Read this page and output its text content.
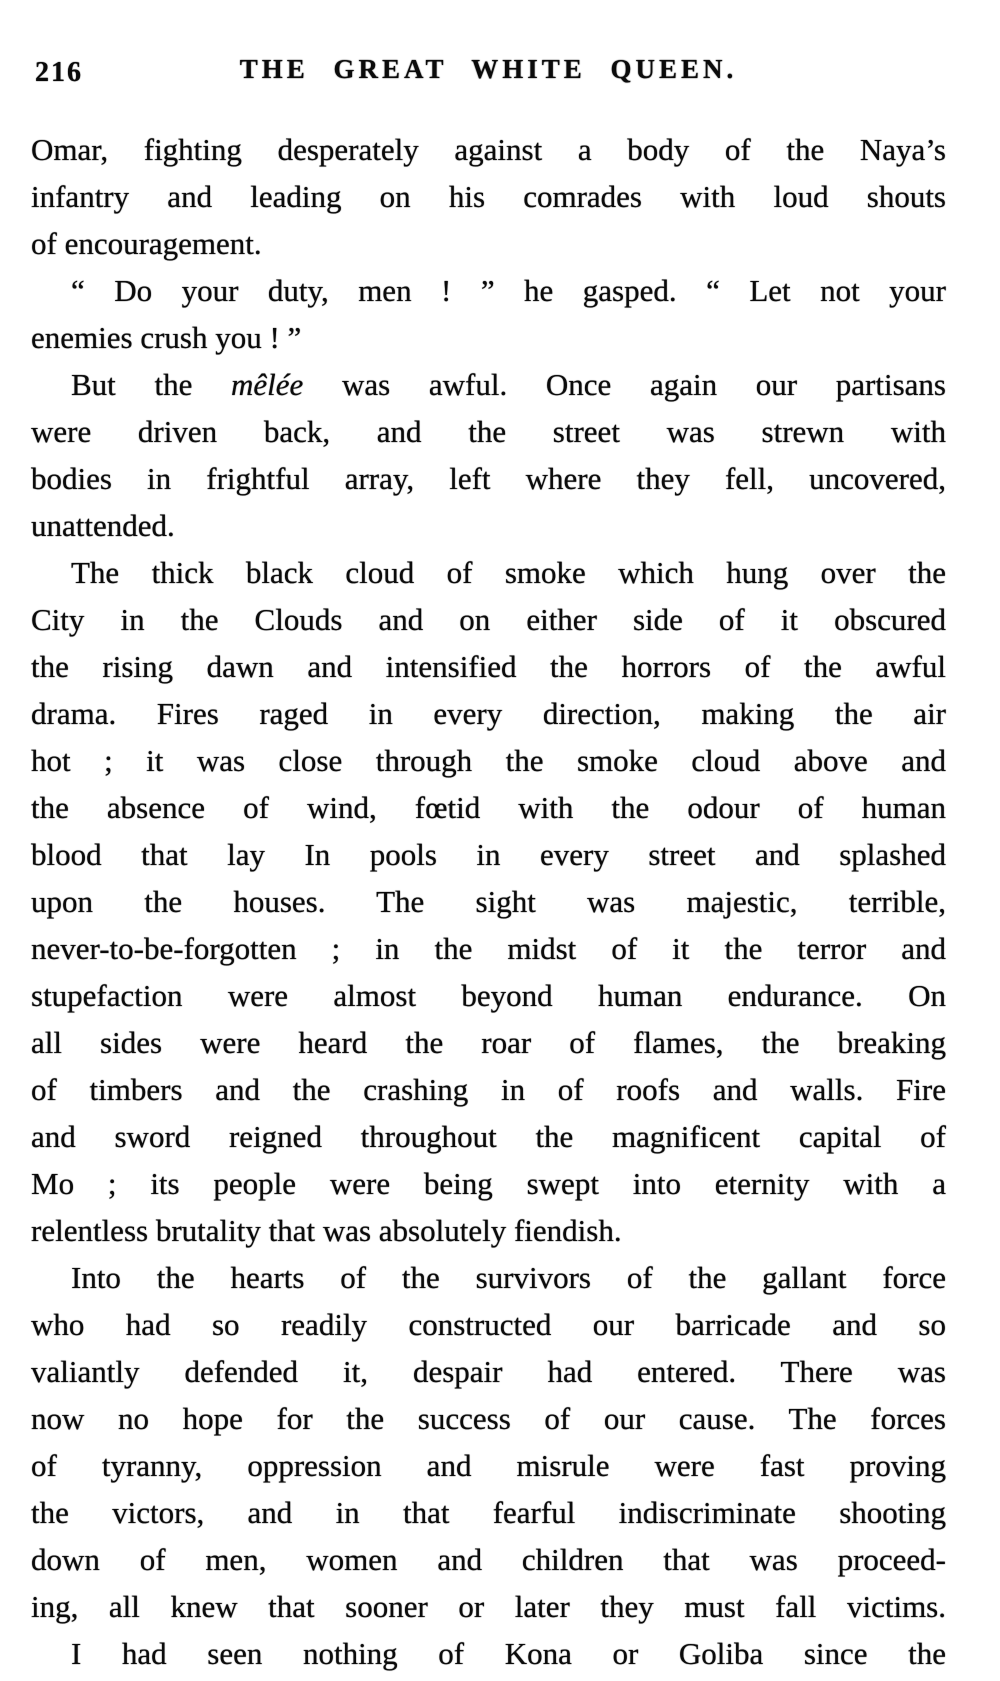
216	THE GREAT WHITE QUEEN.
Omar, fighting desperately against a body of the Naya’s
infantry and leading on his comrades with loud shouts
of encouragement.
“ Do your duty, men ! ” he gasped. “ Let not your
enemies crush you ! ”
But the mêlée was awful. Once again our partisans
were driven back, and the street was strewn with
bodies in frightful array, left where they fell, uncovered,
unattended.
The thick black cloud of smoke which hung over the
City in the Clouds and on either side of it obscured
the rising dawn and intensified the horrors of the awful
drama. Fires raged in every direction, making the air
hot ; it was close through the smoke cloud above and
the absence of wind, fœtid with the odour of human
blood that lay In pools in every street and splashed
upon the houses. The sight was majestic, terrible,
never-to-be-forgotten ; in the midst of it the terror and
stupefaction were almost beyond human endurance. On
all sides were heard the roar of flames, the breaking
of timbers and the crashing in of roofs and walls. Fire
and sword reigned throughout the magnificent capital of
Mo ; its people were being swept into eternity with a
relentless brutality that was absolutely fiendish.
Into the hearts of the survivors of the gallant force
who had so readily constructed our barricade and so
valiantly defended it, despair had entered. There was
now no hope for the success of our cause. The forces
of tyranny, oppression and misrule were fast proving
the victors, and in that fearful indiscriminate shooting
down of men, women and children that was proceed-
ing, all knew that sooner or later they must fall victims.
I had seen nothing of Kona or Goliba since the
